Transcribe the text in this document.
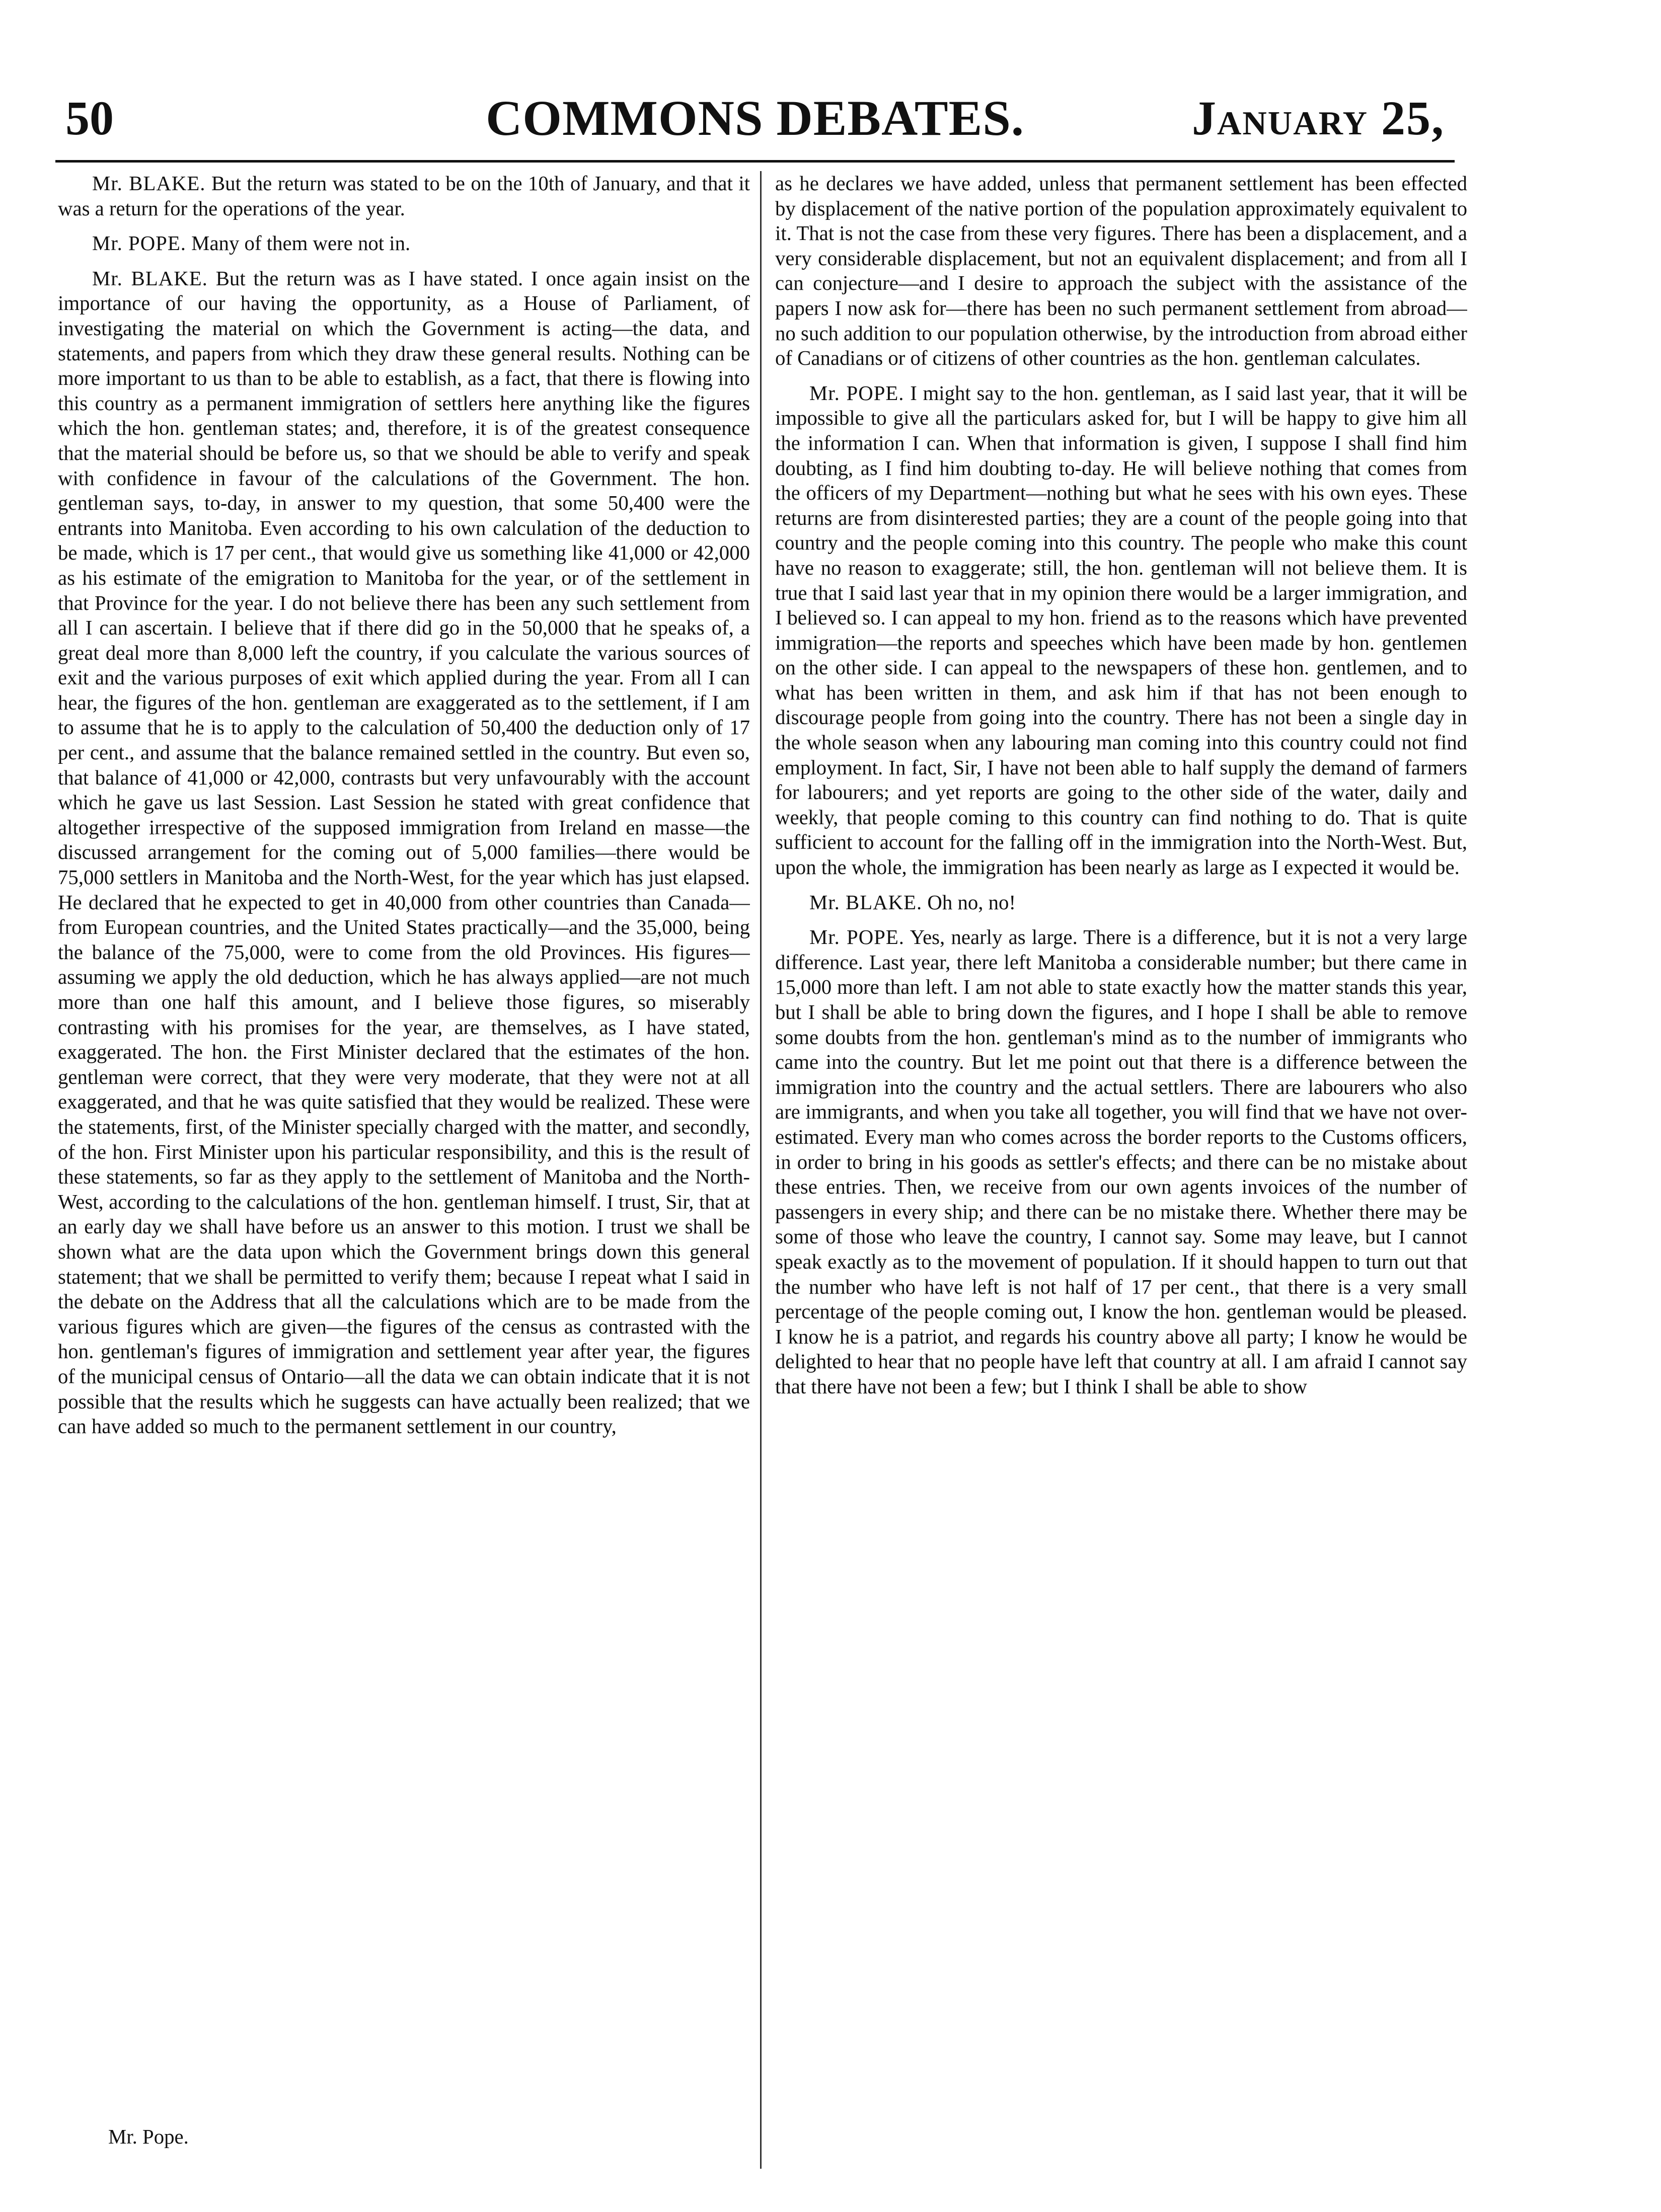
50	COMMONS DEBATES.	January 25,

Mr. BLAKE. But the return was stated to be on the 10th of January, and that it was a return for the operations of the year.

Mr. POPE. Many of them were not in.

Mr. BLAKE. But the return was as I have stated. I once again insist on the importance of our having the opportunity, as a House of Parliament, of investigating the material on which the Government is acting—the data, and statements, and papers from which they draw these general results. Nothing can be more important to us than to be able to establish, as a fact, that there is flowing into this country as a permanent immigration of settlers here anything like the figures which the hon. gentleman states; and, therefore, it is of the greatest consequence that the material should be before us, so that we should be able to verify and speak with confidence in favour of the calculations of the Government. The hon. gentleman says, to-day, in answer to my question, that some 50,400 were the entrants into Manitoba. Even according to his own calculation of the deduction to be made, which is 17 per cent., that would give us something like 41,000 or 42,000 as his estimate of the emigration to Manitoba for the year, or of the settlement in that Province for the year. I do not believe there has been any such settlement from all I can ascertain. I believe that if there did go in the 50,000 that he speaks of, a great deal more than 8,000 left the country, if you calculate the various sources of exit and the various purposes of exit which applied during the year. From all I can hear, the figures of the hon. gentleman are exaggerated as to the settlement, if I am to assume that he is to apply to the calculation of 50,400 the deduction only of 17 per cent., and assume that the balance remained settled in the country. But even so, that balance of 41,000 or 42,000, contrasts but very unfavourably with the account which he gave us last Session. Last Session he stated with great confidence that altogether irrespective of the supposed immigration from Ireland en masse—the discussed arrangement for the coming out of 5,000 families—there would be 75,000 settlers in Manitoba and the North-West, for the year which has just elapsed. He declared that he expected to get in 40,000 from other countries than Canada—from European countries, and the United States practically—and the 35,000, being the balance of the 75,000, were to come from the old Provinces. His figures—assuming we apply the old deduction, which he has always applied—are not much more than one half this amount, and I believe those figures, so miserably contrasting with his promises for the year, are themselves, as I have stated, exaggerated. The hon. the First Minister declared that the estimates of the hon. gentleman were correct, that they were very moderate, that they were not at all exaggerated, and that he was quite satisfied that they would be realized. These were the statements, first, of the Minister specially charged with the matter, and secondly, of the hon. First Minister upon his particular responsibility, and this is the result of these statements, so far as they apply to the settlement of Manitoba and the North-West, according to the calculations of the hon. gentleman himself. I trust, Sir, that at an early day we shall have before us an answer to this motion. I trust we shall be shown what are the data upon which the Government brings down this general statement; that we shall be permitted to verify them; because I repeat what I said in the debate on the Address that all the calculations which are to be made from the various figures which are given—the figures of the census as contrasted with the hon. gentleman's figures of immigration and settlement year after year, the figures of the municipal census of Ontario—all the data we can obtain indicate that it is not possible that the results which he suggests can have actually been realized; that we can have added so much to the permanent settlement in our country,

as he declares we have added, unless that permanent settlement has been effected by displacement of the native portion of the population approximately equivalent to it. That is not the case from these very figures. There has been a displacement, and a very considerable displacement, but not an equivalent displacement; and from all I can conjecture—and I desire to approach the subject with the assistance of the papers I now ask for—there has been no such permanent settlement from abroad—no such addition to our population otherwise, by the introduction from abroad either of Canadians or of citizens of other countries as the hon. gentleman calculates.

Mr. POPE. I might say to the hon. gentleman, as I said last year, that it will be impossible to give all the particulars asked for, but I will be happy to give him all the information I can. When that information is given, I suppose I shall find him doubting, as I find him doubting to-day. He will believe nothing that comes from the officers of my Department—nothing but what he sees with his own eyes. These returns are from disinterested parties; they are a count of the people going into that country and the people coming into this country. The people who make this count have no reason to exaggerate; still, the hon. gentleman will not believe them. It is true that I said last year that in my opinion there would be a larger immigration, and I believed so. I can appeal to my hon. friend as to the reasons which have prevented immigration—the reports and speeches which have been made by hon. gentlemen on the other side. I can appeal to the newspapers of these hon. gentlemen, and to what has been written in them, and ask him if that has not been enough to discourage people from going into the country. There has not been a single day in the whole season when any labouring man coming into this country could not find employment. In fact, Sir, I have not been able to half supply the demand of farmers for labourers; and yet reports are going to the other side of the water, daily and weekly, that people coming to this country can find nothing to do. That is quite sufficient to account for the falling off in the immigration into the North-West. But, upon the whole, the immigration has been nearly as large as I expected it would be.

Mr. BLAKE. Oh no, no!

Mr. POPE. Yes, nearly as large. There is a difference, but it is not a very large difference. Last year, there left Manitoba a considerable number; but there came in 15,000 more than left. I am not able to state exactly how the matter stands this year, but I shall be able to bring down the figures, and I hope I shall be able to remove some doubts from the hon. gentleman's mind as to the number of immigrants who came into the country. But let me point out that there is a difference between the immigration into the country and the actual settlers. There are labourers who also are immigrants, and when you take all together, you will find that we have not over-estimated. Every man who comes across the border reports to the Customs officers, in order to bring in his goods as settler's effects; and there can be no mistake about these entries. Then, we receive from our own agents invoices of the number of passengers in every ship; and there can be no mistake there. Whether there may be some of those who leave the country, I cannot say. Some may leave, but I cannot speak exactly as to the movement of population. If it should happen to turn out that the number who have left is not half of 17 per cent., that there is a very small percentage of the people coming out, I know the hon. gentleman would be pleased. I know he is a patriot, and regards his country above all party; I know he would be delighted to hear that no people have left that country at all. I am afraid I cannot say that there have not been a few; but I think I shall be able to show

Mr. Pope.
